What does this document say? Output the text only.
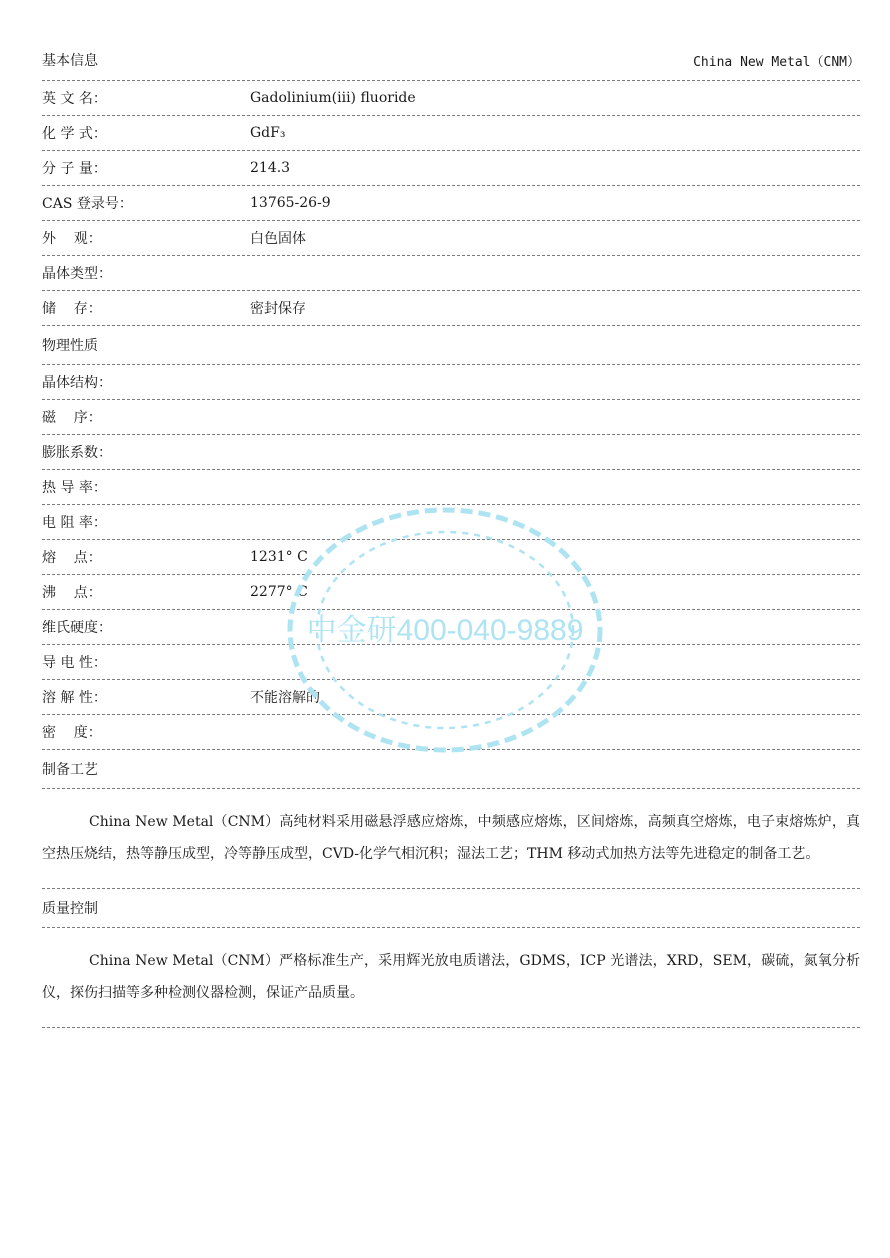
基本信息	China New Metal（CNM）
英 文 名：	Gadolinium(iii) fluoride
化 学 式：	GdF₃
分 子 量：	214.3
CAS 登录号：	13765-26-9
外    观：	白色固体
晶体类型：
储    存：	密封保存
物理性质
晶体结构：
磁    序：
膨胀系数：
热 导 率：
电 阻 率：
熔    点：	1231° C
沸    点：	2277° C
维氏硬度：
导 电 性：
溶 解 性：	不能溶解的
密    度：
制备工艺
China New Metal（CNM）高纯材料采用磁悬浮感应熔炼，中频感应熔炼，区间熔炼，高频真空熔炼，电子束熔炼炉，真空热压烧结，热等静压成型，冷等静压成型，CVD-化学气相沉积；湿法工艺；THM 移动式加热方法等先进稳定的制备工艺。
质量控制
China New Metal（CNM）严格标准生产，采用辉光放电质谱法，GDMS，ICP 光谱法，XRD，SEM，碳硫，氮氧分析仪，探伤扫描等多种检测仪器检测，保证产品质量。
中金研400-040-9889
